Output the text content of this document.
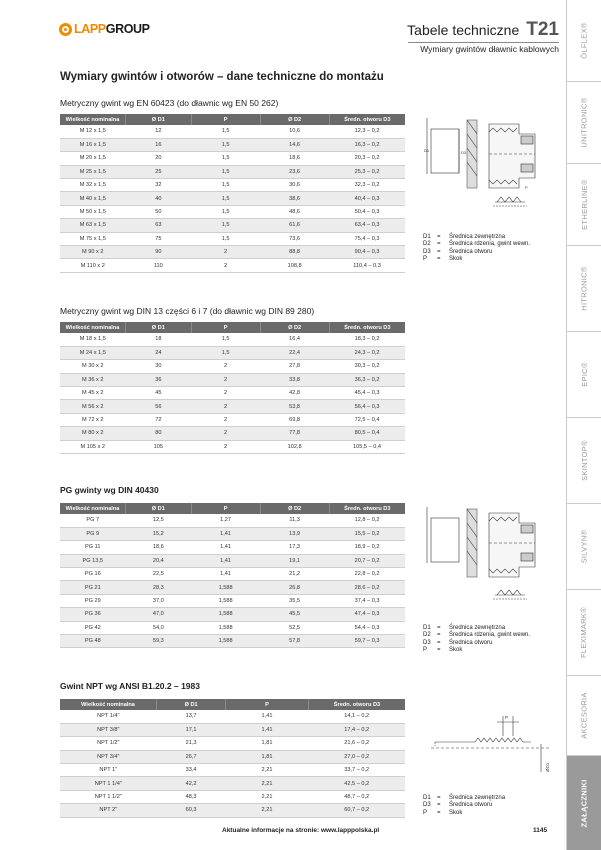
LAPPGROUP	Tabele techniczne T21
Wymiary gwintów dławnic kablowych	ÖLFLEX®
UNITRONIC®
ETHERLINE®
HITRONIC®
EPIC®
SKINTOP®
SILVYN®
FLEXIMARK®
AKCESORIA
ZAŁĄCZNIKI
Wymiary gwintów i otworów – dane techniczne do montażu
Metryczny gwint wg EN 60423 (do dławnic wg EN 50 262)
Wielkość nominalna	Ø D1	P	Ø D2	Średn. otworu D3
M 12 x 1,5	12	1,5	10,6	12,3 – 0,2
M 16 x 1,5	16	1,5	14,6	16,3 – 0,2
M 20 x 1,5	20	1,5	18,6	20,3 – 0,2
M 25 x 1,5	25	1,5	23,6	25,3 – 0,2
M 32 x 1,5	32	1,5	30,6	32,3 – 0,2
M 40 x 1,5	40	1,5	38,6	40,4 – 0,3
M 50 x 1,5	50	1,5	48,6	50,4 – 0,3
M 63 x 1,5	63	1,5	61,6	63,4 – 0,3
M 75 x 1,5	75	1,5	73,6	75,4 – 0,3
M 90 x 2	90	2	88,8	90,4 – 0,3
M 110 x 2	110	2	108,8	110,4 – 0,3
Metryczny gwint wg DIN 13 części 6 i 7 (do dławnic wg DIN 89 280)
Wielkość nominalna	Ø D1	P	Ø D2	Średn. otworu D3
M 18 x 1,5	18	1,5	16,4	18,3 – 0,2
M 24 x 1,5	24	1,5	22,4	24,3 – 0,2
M 30 x 2	30	2	27,8	30,3 – 0,2
M 36 x 2	36	2	33,8	36,3 – 0,2
M 45 x 2	45	2	42,8	45,4 – 0,3
M 56 x 2	56	2	53,8	56,4 – 0,3
M 72 x 2	72	2	69,8	72,5 – 0,4
M 80 x 2	80	2	77,8	80,5 – 0,4
M 105 x 2	105	2	102,8	105,5 – 0,4
PG gwinty wg DIN 40430
Wielkość nominalna	Ø D1	P	Ø D2	Średn. otworu D3
PG 7	12,5	1,27	11,3	12,8 – 0,2
PG 9	15,2	1,41	13,9	15,5 – 0,2
PG 11	18,6	1,41	17,3	18,9 – 0,2
PG 13,5	20,4	1,41	19,1	20,7 – 0,2
PG 16	22,5	1,41	21,2	22,8 – 0,2
PG 21	28,3	1,588	26,8	28,6 – 0,2
PG 29	37,0	1,588	35,5	37,4 – 0,3
PG 36	47,0	1,588	45,5	47,4 – 0,3
PG 42	54,0	1,588	52,5	54,4 – 0,3
PG 48	59,3	1,588	57,8	59,7 – 0,3
Gwint NPT wg ANSI B1.20.2 – 1983
Wielkość nominalna	Ø D1	P	Średn. otworu D3
NPT 1/4"	13,7	1,41	14,1 – 0,2
NPT 3/8"	17,1	1,41	17,4 – 0,2
NPT 1/2"	21,3	1,81	21,6 – 0,2
NPT 3/4"	26,7	1,81	27,0 – 0,2
NPT 1"	33,4	2,21	33,7 – 0,2
NPT 1 1/4"	42,2	2,21	42,5 – 0,2
NPT 1 1/2"	48,3	2,21	48,7 – 0,2
NPT 2"	60,3	2,21	60,7 – 0,2
D1	D3
P
D1	=	Średnica zewnętrzna
D2	=	Średnica rdzenia, gwint wewn.
D3	=	Średnica otworu
P	=	Skok
D1	=	Średnica zewnętrzna
D2	=	Średnica rdzenia, gwint wewn.
D3	=	Średnica otworu
P	=	Skok
P
ØD1
D1	=	Średnica zewnętrzna
D3	=	Średnica otworu
P	=	Skok
Aktualne informacje na stronie: www.lapppolska.pl	1145
